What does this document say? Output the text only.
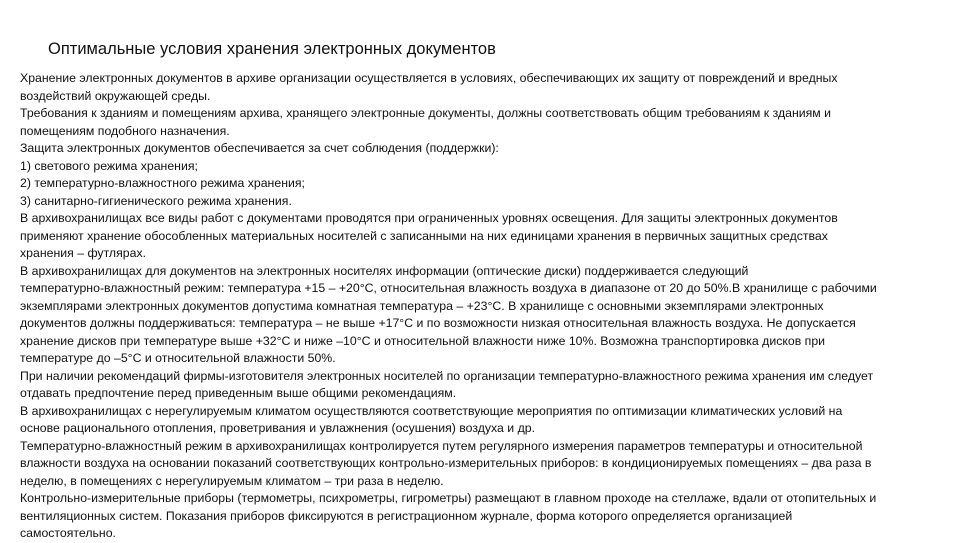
Оптимальные условия хранения электронных документов
Хранение электронных документов в архиве организации осуществляется в условиях, обеспечивающих их защиту от повреждений и вредных
воздействий окружающей среды.
Требования к зданиям и помещениям архива, хранящего электронные документы, должны соответствовать общим требованиям к зданиям и
помещениям подобного назначения.
Защита электронных документов обеспечивается за счет соблюдения (поддержки):
1) светового режима хранения;
2) температурно-влажностного режима хранения;
3) санитарно-гигиенического режима хранения.
В архивохранилищах все виды работ с документами проводятся при ограниченных уровнях освещения. Для защиты электронных документов
применяют хранение обособленных материальных носителей с записанными на них единицами хранения в первичных защитных средствах
хранения – футлярах.
В архивохранилищах для документов на электронных носителях информации (оптические диски) поддерживается следующий
температурно-влажностный режим: температура +15 – +20°С, относительная влажность воздуха в диапазоне от 20 до 50%.В хранилище с рабочими
экземплярами электронных документов допустима комнатная температура – +23°С. В хранилище с основными экземплярами электронных
документов должны поддерживаться: температура – не выше +17°С и по возможности низкая относительная влажность воздуха. Не допускается
хранение дисков при температуре выше +32°С и ниже –10°С и относительной влажности ниже 10%. Возможна транспортировка дисков при
температуре до –5°С и относительной влажности 50%.
При наличии рекомендаций фирмы-изготовителя электронных носителей по организации температурно-влажностного режима хранения им следует
отдавать предпочтение перед приведенным выше общими рекомендациям.
В архивохранилищах с нерегулируемым климатом осуществляются соответствующие мероприятия по оптимизации климатических условий на
основе рационального отопления, проветривания и увлажнения (осушения) воздуха и др.
Температурно-влажностный режим в архивохранилищах контролируется путем регулярного измерения параметров температуры и относительной
влажности воздуха на основании показаний соответствующих контрольно-измерительных приборов: в кондиционируемых помещениях – два раза в
неделю, в помещениях с нерегулируемым климатом – три раза в неделю.
Контрольно-измерительные приборы (термометры, психрометры, гигрометры) размещают в главном проходе на стеллаже, вдали от отопительных и
вентиляционных систем. Показания приборов фиксируются в регистрационном журнале, форма которого определяется организацией
самостоятельно.
